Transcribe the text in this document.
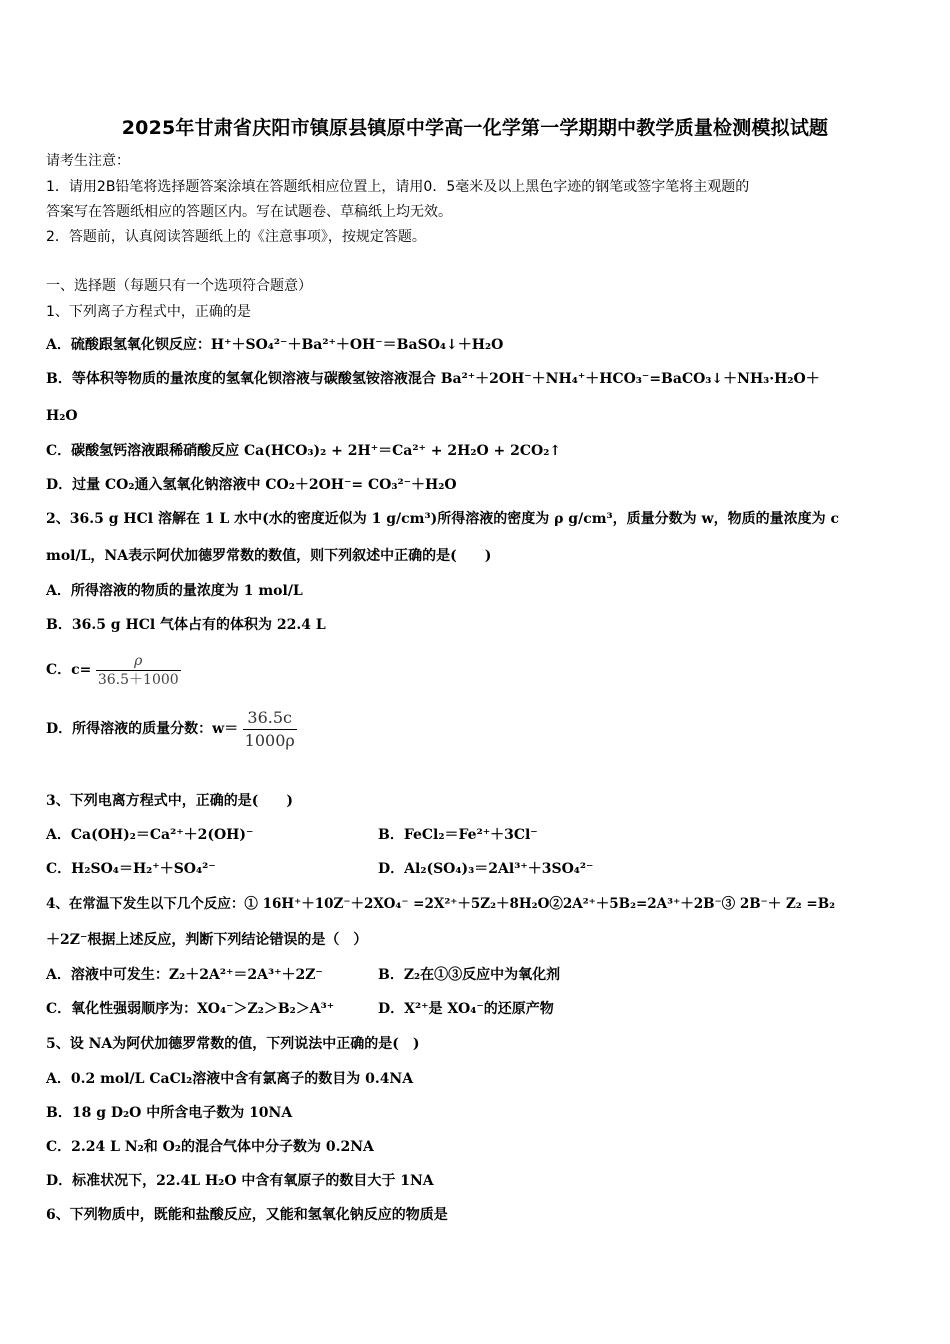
2025年甘肃省庆阳市镇原县镇原中学高一化学第一学期期中教学质量检测模拟试题
请考生注意：
1．请用2B铅笔将选择题答案涂填在答题纸相应位置上，请用0．5毫米及以上黑色字迹的钢笔或签字笔将主观题的
答案写在答题纸相应的答题区内。写在试题卷、草稿纸上均无效。
2．答题前，认真阅读答题纸上的《注意事项》，按规定答题。
一、选择题（每题只有一个选项符合题意）
1、下列离子方程式中，正确的是
A．硫酸跟氢氧化钡反应：H⁺＋SO₄²⁻＋Ba²⁺＋OH⁻＝BaSO₄↓＋H₂O
B．等体积等物质的量浓度的氢氧化钡溶液与碳酸氢铵溶液混合 Ba²⁺＋2OH⁻＋NH₄⁺＋HCO₃⁻=BaCO₃↓＋NH₃·H₂O＋
H₂O
C．碳酸氢钙溶液跟稀硝酸反应 Ca(HCO₃)₂ + 2H⁺＝Ca²⁺ + 2H₂O + 2CO₂↑
D．过量 CO₂通入氢氧化钠溶液中 CO₂＋2OH⁻= CO₃²⁻＋H₂O
2、36.5 g HCl 溶解在 1 L 水中(水的密度近似为 1 g/cm³)所得溶液的密度为 ρ g/cm³，质量分数为 w，物质的量浓度为 c
mol/L，NA表示阿伏加德罗常数的数值，则下列叙述中正确的是(　　)
A．所得溶液的物质的量浓度为 1 mol/L
B．36.5 g HCl 气体占有的体积为 22.4 L
C．$c= \frac{\rho}{36.5+1000}$
D．所得溶液的质量分数：$w= \frac{36.5c}{1000\rho}$
3、下列电离方程式中，正确的是(　　)
A．Ca(OH)₂＝Ca²⁺＋2(OH)⁻	B．FeCl₂＝Fe²⁺＋3Cl⁻
C．H₂SO₄＝H₂⁺＋SO₄²⁻	D．Al₂(SO₄)₃＝2Al³⁺＋3SO₄²⁻
4、在常温下发生以下几个反应：① 16H⁺＋10Z⁻＋2XO₄⁻ =2X²⁺＋5Z₂＋8H₂O②2A²⁺＋5B₂=2A³⁺＋2B⁻③ 2B⁻＋ Z₂ =B₂
＋2Z⁻根据上述反应，判断下列结论错误的是（　）
A．溶液中可发生：Z₂＋2A²⁺＝2A³⁺＋2Z⁻	B．Z₂在①③反应中为氧化剂
C．氧化性强弱顺序为：XO₄⁻＞Z₂＞B₂＞A³⁺	D．X²⁺是 XO₄⁻的还原产物
5、设 NA为阿伏加德罗常数的值，下列说法中正确的是(　)
A．0.2 mol/L CaCl₂溶液中含有氯离子的数目为 0.4NA
B．18 g D₂O 中所含电子数为 10NA
C．2.24 L N₂和 O₂的混合气体中分子数为 0.2NA
D．标准状况下，22.4L H₂O 中含有氧原子的数目大于 1NA
6、下列物质中，既能和盐酸反应，又能和氢氧化钠反应的物质是
